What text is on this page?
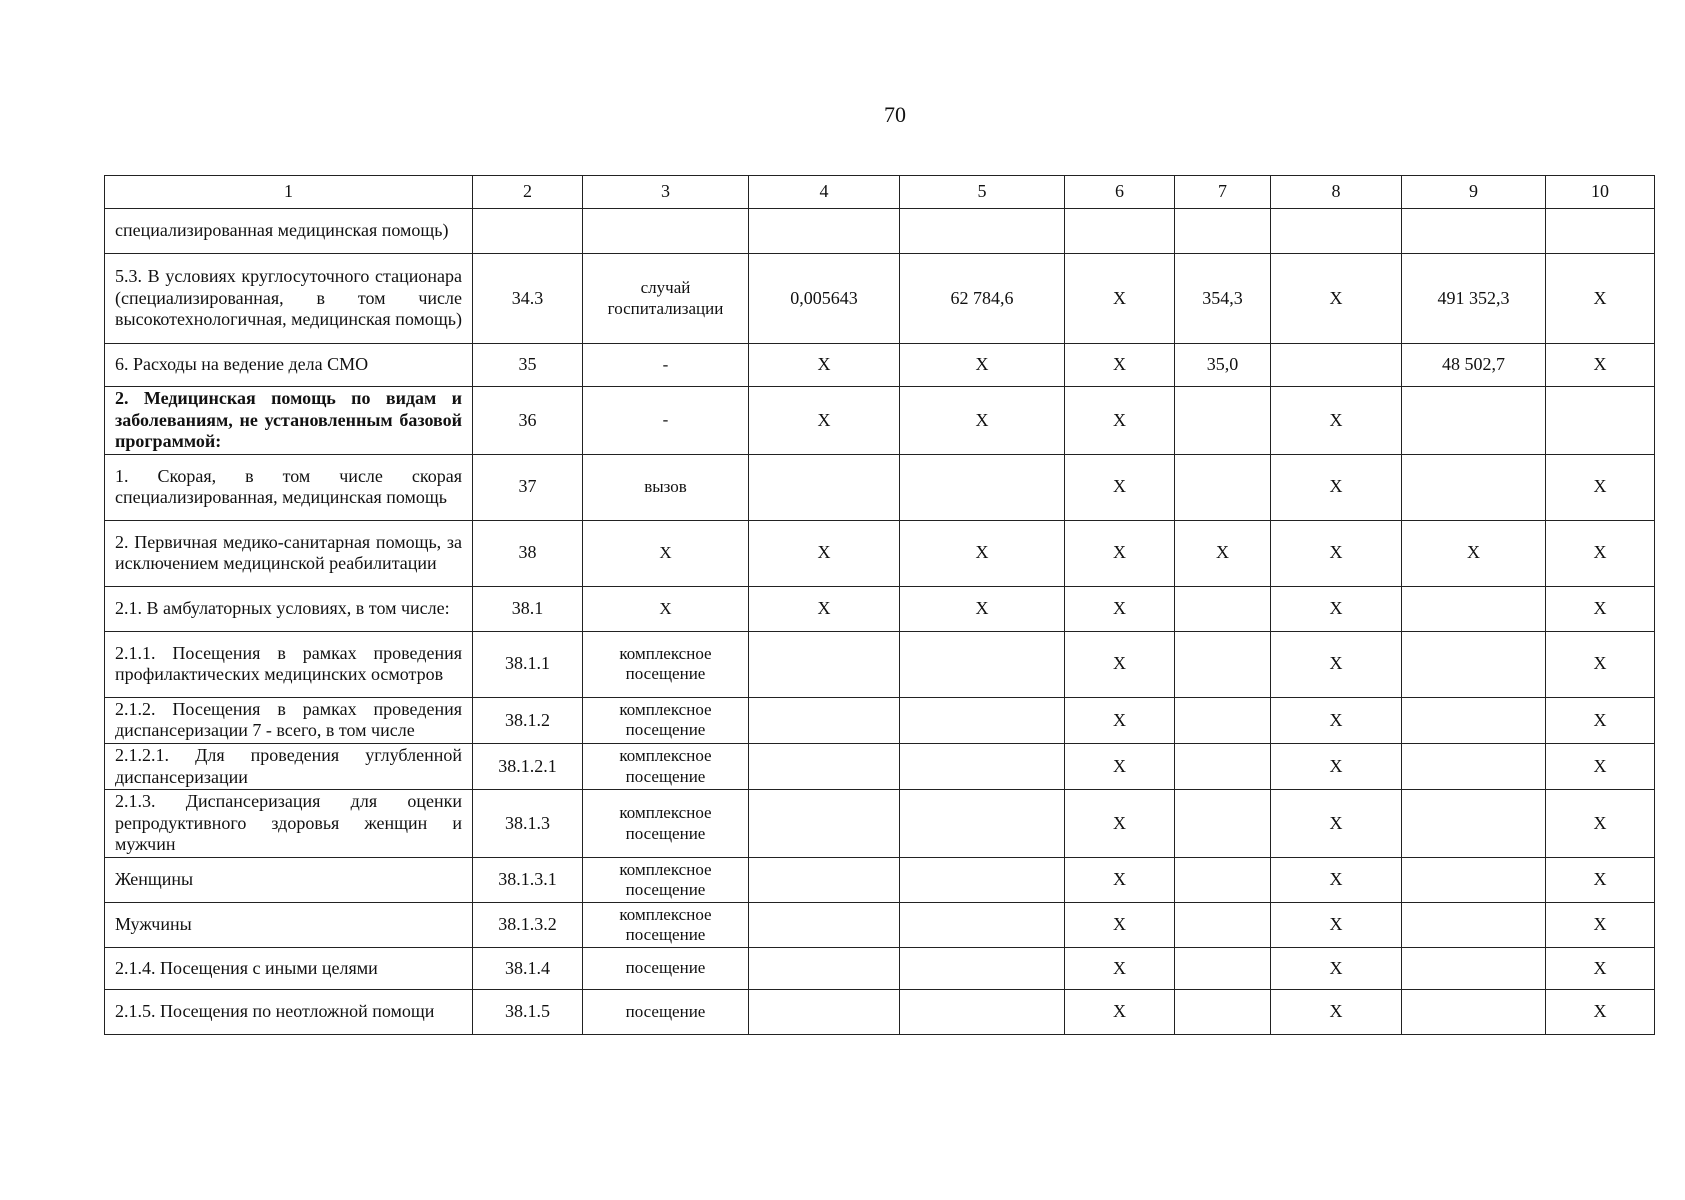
70
1	2	3	4	5	6	7	8	9	10
специализированная медицинская помощь)									
5.3. В условиях круглосуточного стационара (специализированная, в том числе высокотехнологичная, медицинская помощь)	34.3	случай госпитализации	0,005643	62 784,6	X	354,3	X	491 352,3	X
6. Расходы на ведение дела СМО	35	-	X	X	X	35,0		48 502,7	X
2. Медицинская помощь по видам и заболеваниям, не установленным базовой программой:	36	-	X	X	X		X		
1. Скорая, в том числе скорая специализированная, медицинская помощь	37	вызов			X		X		X
2. Первичная медико-санитарная помощь, за исключением медицинской реабилитации	38	X	X	X	X	X	X	X	X
2.1. В амбулаторных условиях, в том числе:	38.1	X	X	X	X		X		X
2.1.1. Посещения в рамках проведения профилактических медицинских осмотров	38.1.1	комплексное посещение			X		X		X
2.1.2. Посещения в рамках проведения диспансеризации 7 - всего, в том числе	38.1.2	комплексное посещение			X		X		X
2.1.2.1. Для проведения углубленной диспансеризации	38.1.2.1	комплексное посещение			X		X		X
2.1.3. Диспансеризация для оценки репродуктивного здоровья женщин и мужчин	38.1.3	комплексное посещение			X		X		X
Женщины	38.1.3.1	комплексное посещение			X		X		X
Мужчины	38.1.3.2	комплексное посещение			X		X		X
2.1.4. Посещения с иными целями	38.1.4	посещение			X		X		X
2.1.5. Посещения по неотложной помощи	38.1.5	посещение			X		X		X
